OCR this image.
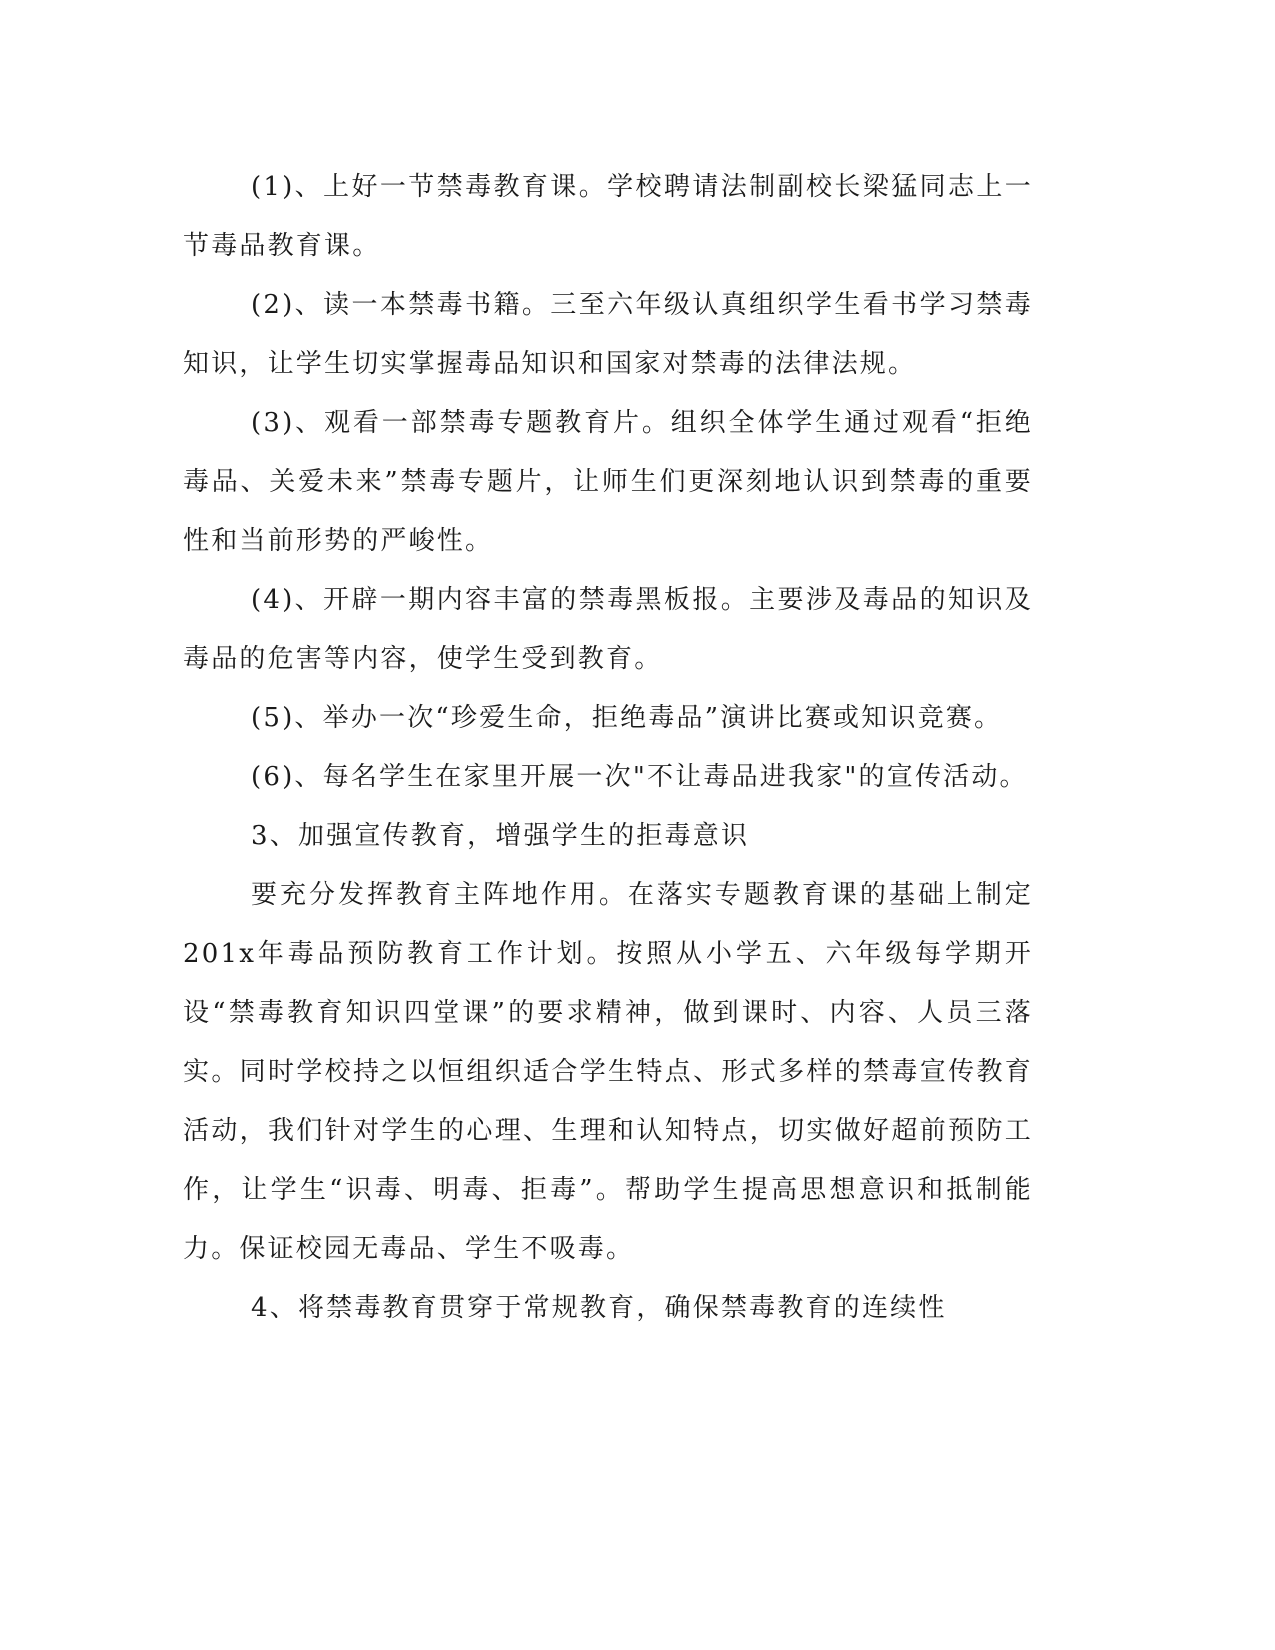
(1)、上好一节禁毒教育课。学校聘请法制副校长梁猛同志上一节毒品教育课。

(2)、读一本禁毒书籍。三至六年级认真组织学生看书学习禁毒知识，让学生切实掌握毒品知识和国家对禁毒的法律法规。

(3)、观看一部禁毒专题教育片。组织全体学生通过观看“拒绝毒品、关爱未来”禁毒专题片，让师生们更深刻地认识到禁毒的重要性和当前形势的严峻性。

(4)、开辟一期内容丰富的禁毒黑板报。主要涉及毒品的知识及毒品的危害等内容，使学生受到教育。

(5)、举办一次“珍爱生命，拒绝毒品”演讲比赛或知识竞赛。

(6)、每名学生在家里开展一次"不让毒品进我家"的宣传活动。

3、加强宣传教育，增强学生的拒毒意识

要充分发挥教育主阵地作用。在落实专题教育课的基础上制定201x年毒品预防教育工作计划。按照从小学五、六年级每学期开设“禁毒教育知识四堂课”的要求精神，做到课时、内容、人员三落实。同时学校持之以恒组织适合学生特点、形式多样的禁毒宣传教育活动，我们针对学生的心理、生理和认知特点，切实做好超前预防工作，让学生“识毒、明毒、拒毒”。帮助学生提高思想意识和抵制能力。保证校园无毒品、学生不吸毒。

4、将禁毒教育贯穿于常规教育，确保禁毒教育的连续性
